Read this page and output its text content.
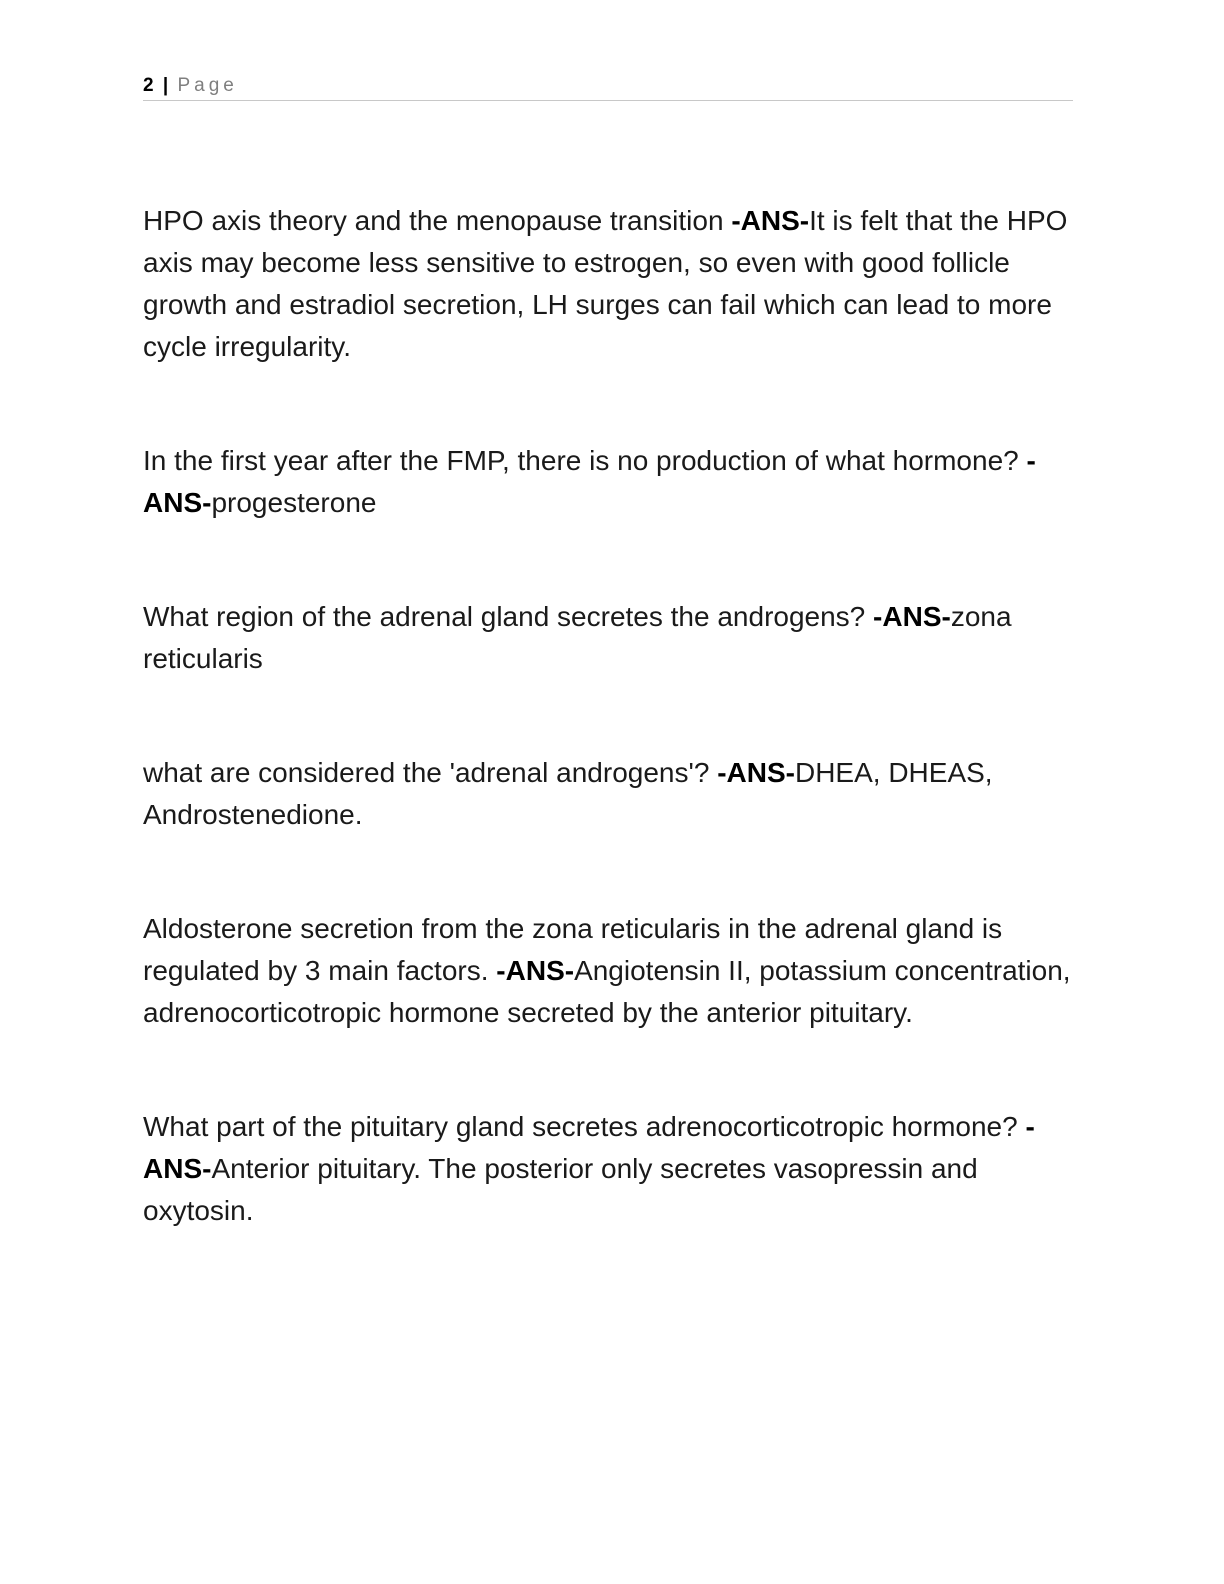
2 | Page

HPO axis theory and the menopause transition -ANS-It is felt that the HPO axis may become less sensitive to estrogen, so even with good follicle growth and estradiol secretion, LH surges can fail which can lead to more cycle irregularity.

In the first year after the FMP, there is no production of what hormone? -ANS-progesterone

What region of the adrenal gland secretes the androgens? -ANS-zona reticularis

what are considered the 'adrenal androgens'? -ANS-DHEA, DHEAS, Androstenedione.

Aldosterone secretion from the zona reticularis in the adrenal gland is regulated by 3 main factors. -ANS-Angiotensin II, potassium concentration, adrenocorticotropic hormone secreted by the anterior pituitary.

What part of the pituitary gland secretes adrenocorticotropic hormone? -ANS-Anterior pituitary. The posterior only secretes vasopressin and oxytosin.
